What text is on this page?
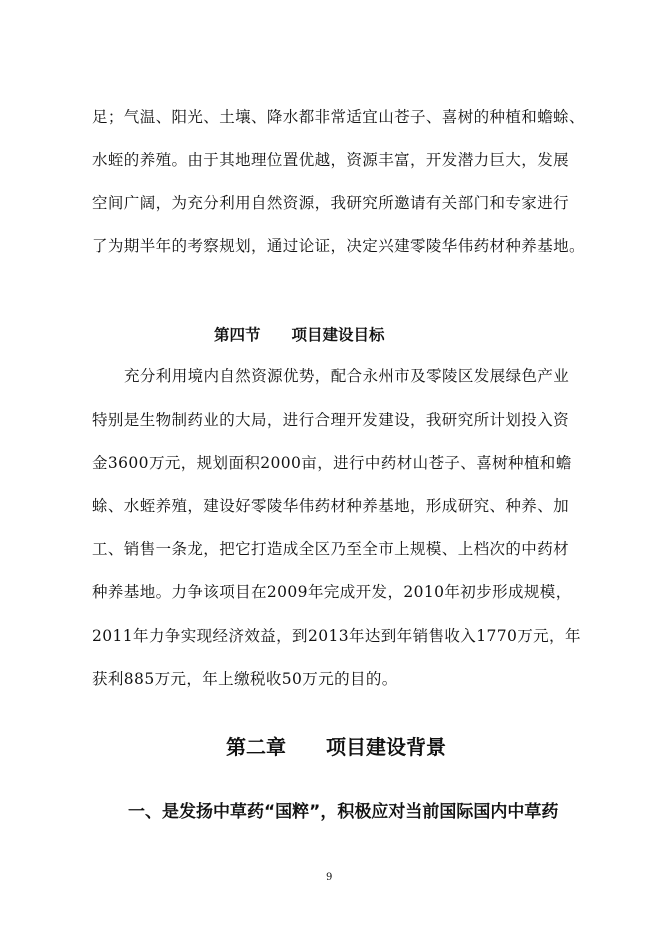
足；气温、阳光、土壤、降水都非常适宜山苍子、喜树的种植和蟾蜍、
水蛭的养殖。由于其地理位置优越，资源丰富，开发潜力巨大，发展
空间广阔，为充分利用自然资源，我研究所邀请有关部门和专家进行
了为期半年的考察规划，通过论证，决定兴建零陵华伟药材种养基地。
第四节　　项目建设目标
充分利用境内自然资源优势，配合永州市及零陵区发展绿色产业
特别是生物制药业的大局，进行合理开发建设，我研究所计划投入资
金3600万元，规划面积2000亩，进行中药材山苍子、喜树种植和蟾
蜍、水蛭养殖，建设好零陵华伟药材种养基地，形成研究、种养、加
工、销售一条龙，把它打造成全区乃至全市上规模、上档次的中药材
种养基地。力争该项目在2009年完成开发，2010年初步形成规模，
2011年力争实现经济效益，到2013年达到年销售收入1770万元，年
获利885万元，年上缴税收50万元的目的。
第二章　　项目建设背景
一、是发扬中草药“国粹”，积极应对当前国际国内中草药
9
